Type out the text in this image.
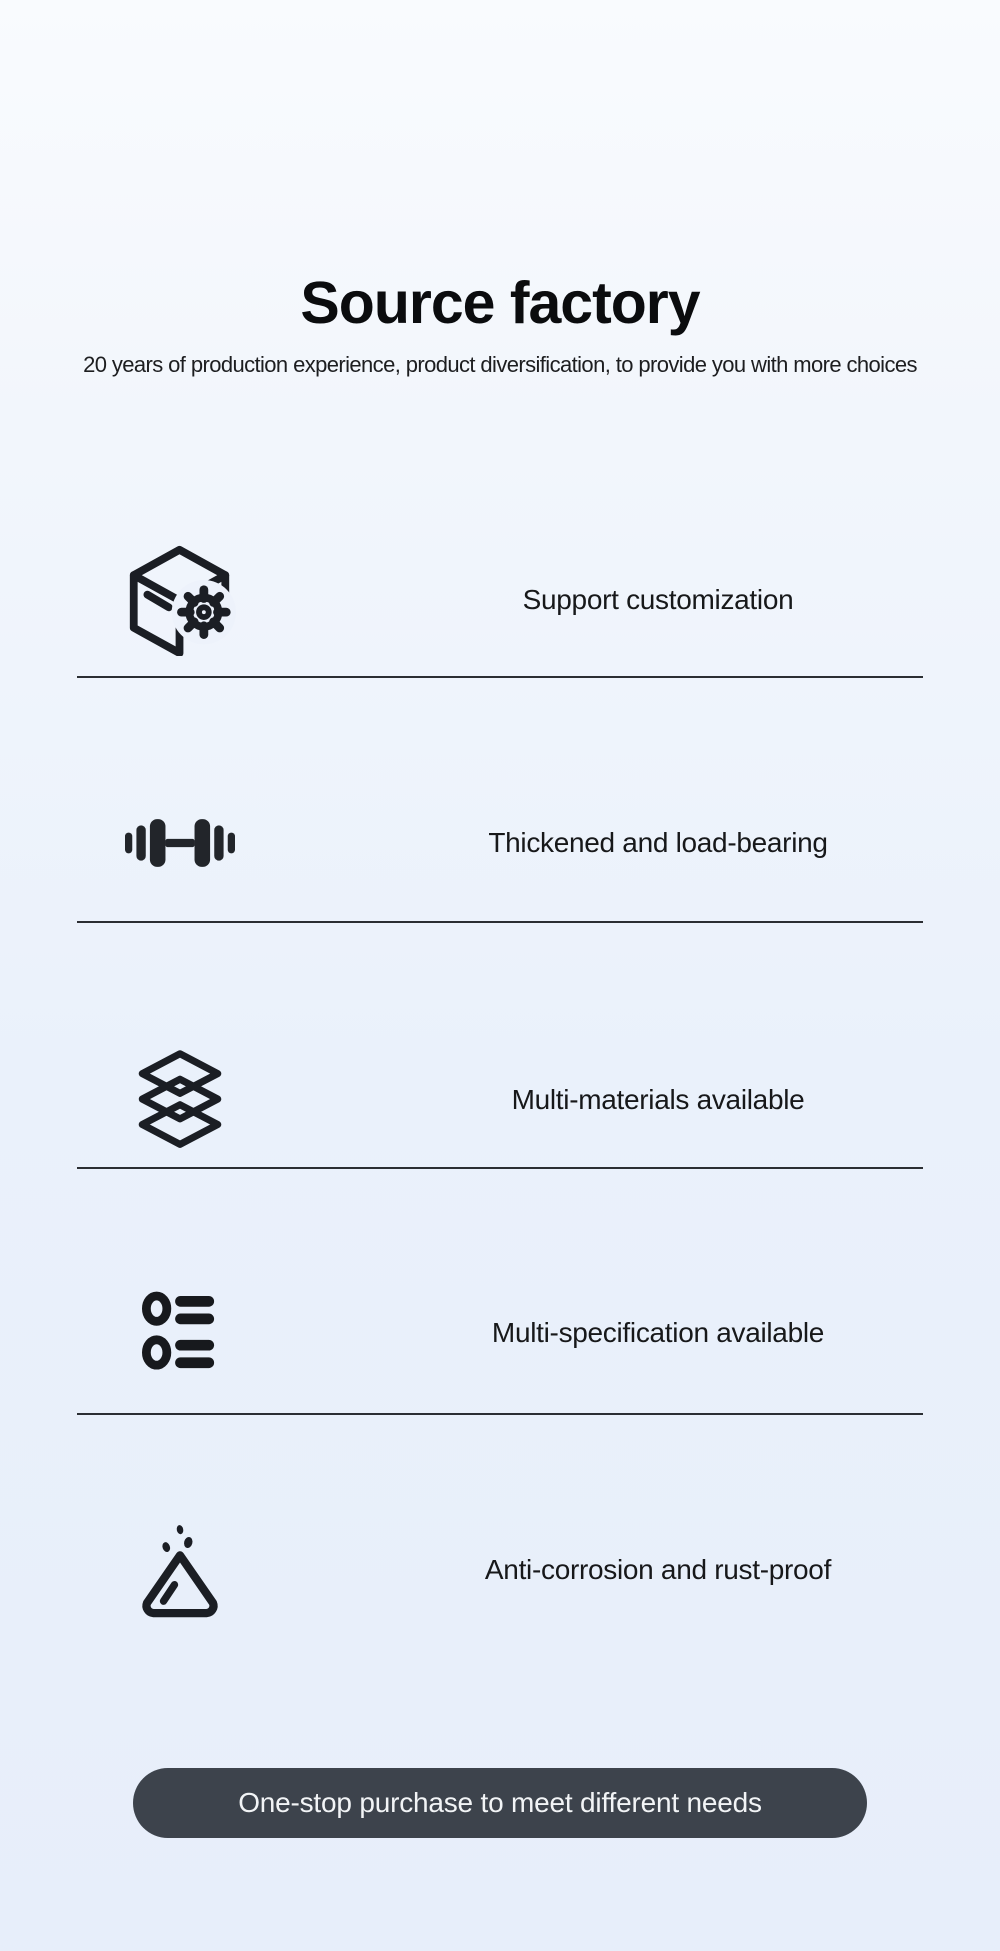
Source factory
20 years of production experience, product diversification, to provide you with more choices
Support customization
Thickened and load-bearing
Multi-materials available
Multi-specification available
Anti-corrosion and rust-proof
One-stop purchase to meet different needs
